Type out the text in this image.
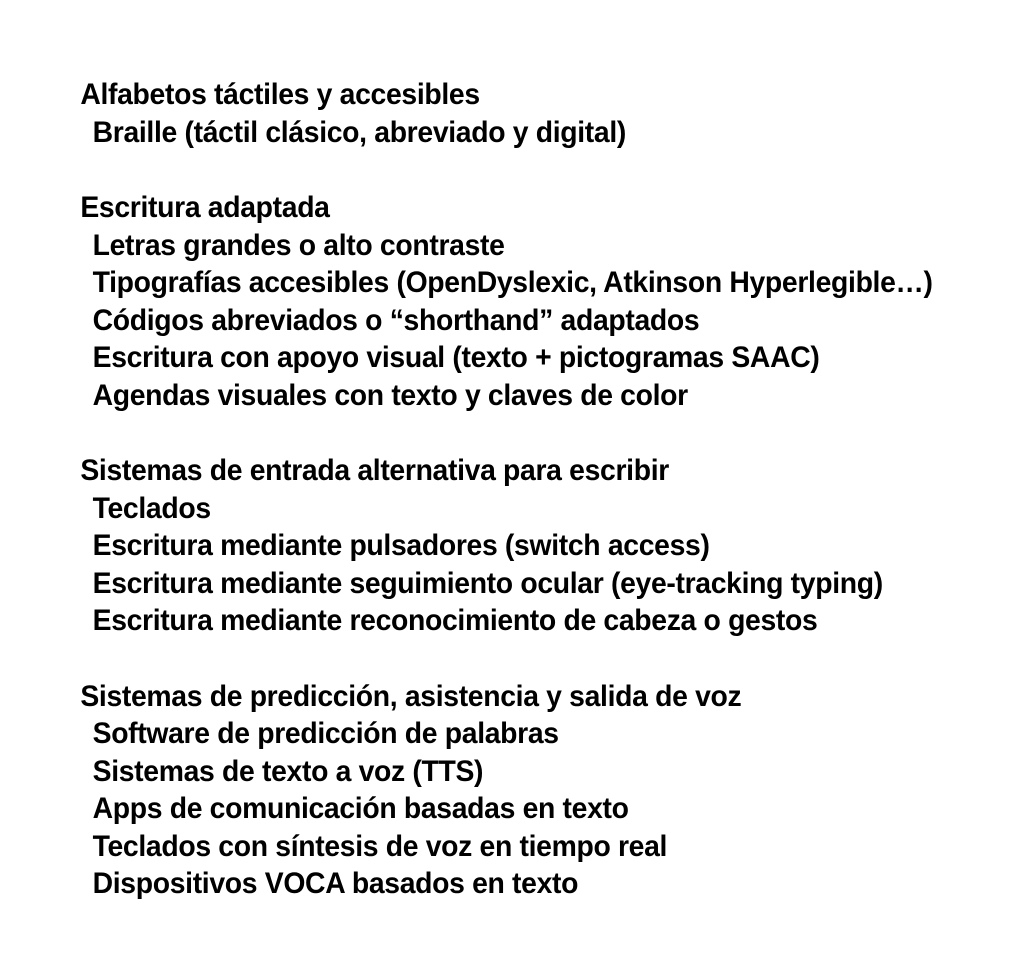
Alfabetos táctiles y accesibles
Braille (táctil clásico, abreviado y digital)
Escritura adaptada
Letras grandes o alto contraste
Tipografías accesibles (OpenDyslexic, Atkinson Hyperlegible…)
Códigos abreviados o “shorthand” adaptados
Escritura con apoyo visual (texto + pictogramas SAAC)
Agendas visuales con texto y claves de color
Sistemas de entrada alternativa para escribir
Teclados
Escritura mediante pulsadores (switch access)
Escritura mediante seguimiento ocular (eye-tracking typing)
Escritura mediante reconocimiento de cabeza o gestos
Sistemas de predicción, asistencia y salida de voz
Software de predicción de palabras
Sistemas de texto a voz (TTS)
Apps de comunicación basadas en texto
Teclados con síntesis de voz en tiempo real
Dispositivos VOCA basados en texto
